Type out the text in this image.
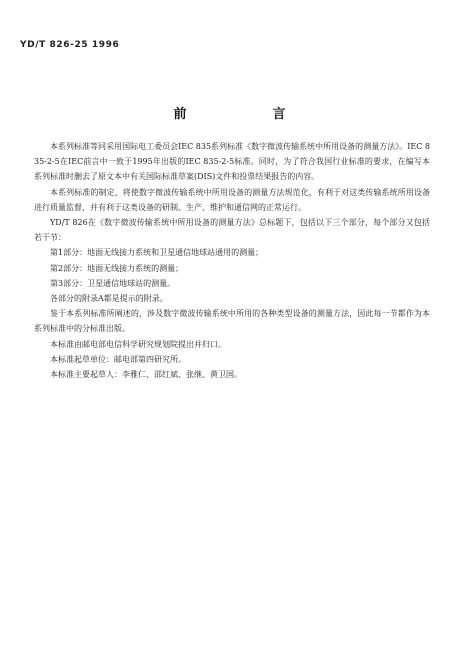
YD/T 826-25 1996
前　　言

本系列标准等同采用国际电工委员会IEC 835系列标准《数字微波传输系统中所用设备的测量方法》。IEC 835-2-5在IEC前言中一致于1995年出版的IEC 835-2-5标准。同时，为了符合我国行业标准的要求，在编写本系列标准时删去了原文本中有关国际标准草案(DIS)文件和投票结果报告的内容。

本系列标准的制定，将使数字微波传输系统中所用设备的测量方法规范化，有利于对这类传输系统所用设备进行质量监督，并有利于这类设备的研制、生产、维护和通信网的正常运行。

YD/T 826在《数字微波传输系统中所用设备的测量方法》总标题下，包括以下三个部分，每个部分又包括若干节：

第1部分：地面无线接力系统和卫星通信地球站通用的测量；

第2部分：地面无线接力系统的测量；

第3部分：卫星通信地球站的测量。

各部分的附录A都是提示的附录。

鉴于本系列标准所阐述的，涉及数字微波传输系统中所用的各种类型设备的测量方法，因此每一节都作为本系列标准中的分标准出版。

本标准由邮电部电信科学研究规划院提出并归口。

本标准起草单位：邮电部第四研究所。

本标准主要起草人：李雅仁、邵红斌、张继、黄卫国。
